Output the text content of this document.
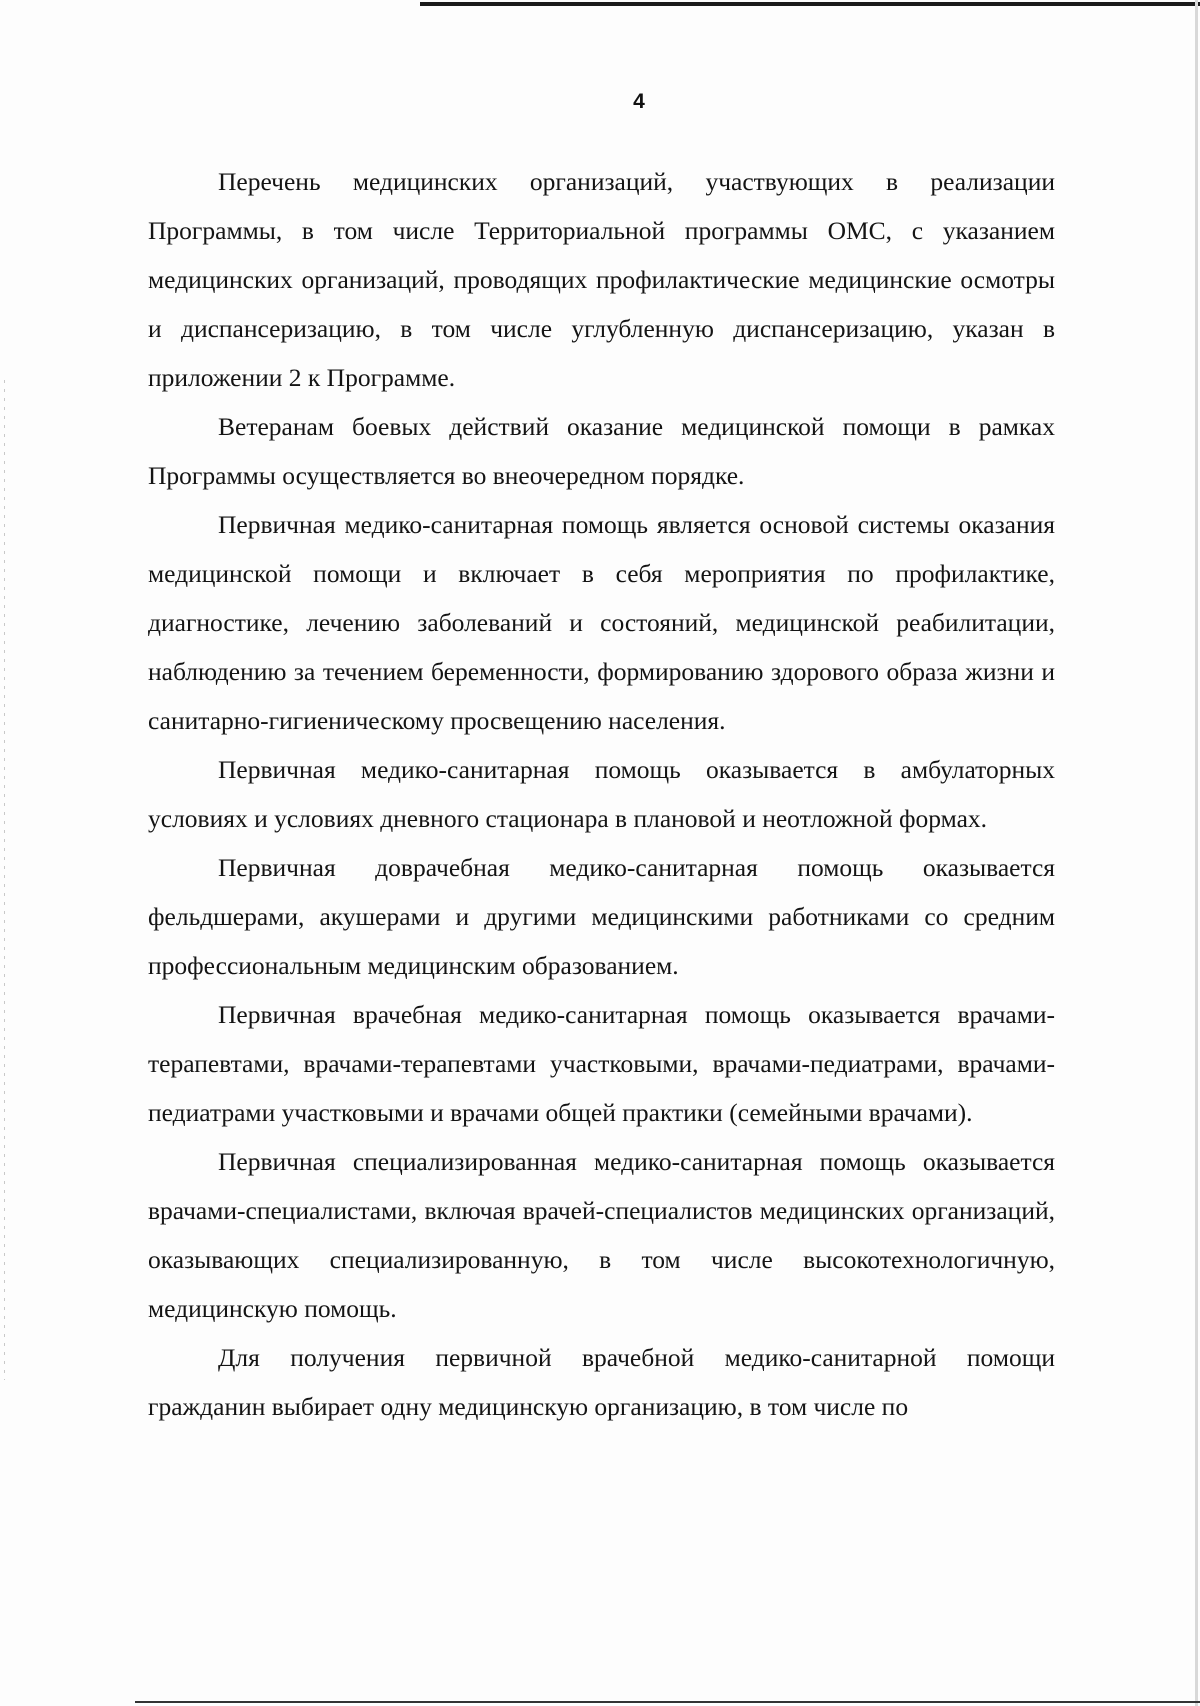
4

Перечень медицинских организаций, участвующих в реализации Программы, в том числе Территориальной программы ОМС, с указанием медицинских организаций, проводящих профилактические медицинские осмотры и диспансеризацию, в том числе углубленную диспансеризацию, указан в приложении 2 к Программе.

Ветеранам боевых действий оказание медицинской помощи в рамках Программы осуществляется во внеочередном порядке.

Первичная медико-санитарная помощь является основой системы оказания медицинской помощи и включает в себя мероприятия по профилактике, диагностике, лечению заболеваний и состояний, медицинской реабилитации, наблюдению за течением беременности, формированию здорового образа жизни и санитарно-гигиеническому просвещению населения.

Первичная медико-санитарная помощь оказывается в амбулаторных условиях и условиях дневного стационара в плановой и неотложной формах.

Первичная доврачебная медико-санитарная помощь оказывается фельдшерами, акушерами и другими медицинскими работниками со средним профессиональным медицинским образованием.

Первичная врачебная медико-санитарная помощь оказывается врачами-терапевтами, врачами-терапевтами участковыми, врачами-педиатрами, врачами-педиатрами участковыми и врачами общей практики (семейными врачами).

Первичная специализированная медико-санитарная помощь оказывается врачами-специалистами, включая врачей-специалистов медицинских организаций, оказывающих специализированную, в том числе высокотехнологичную, медицинскую помощь.

Для получения первичной врачебной медико-санитарной помощи гражданин выбирает одну медицинскую организацию, в том числе по
